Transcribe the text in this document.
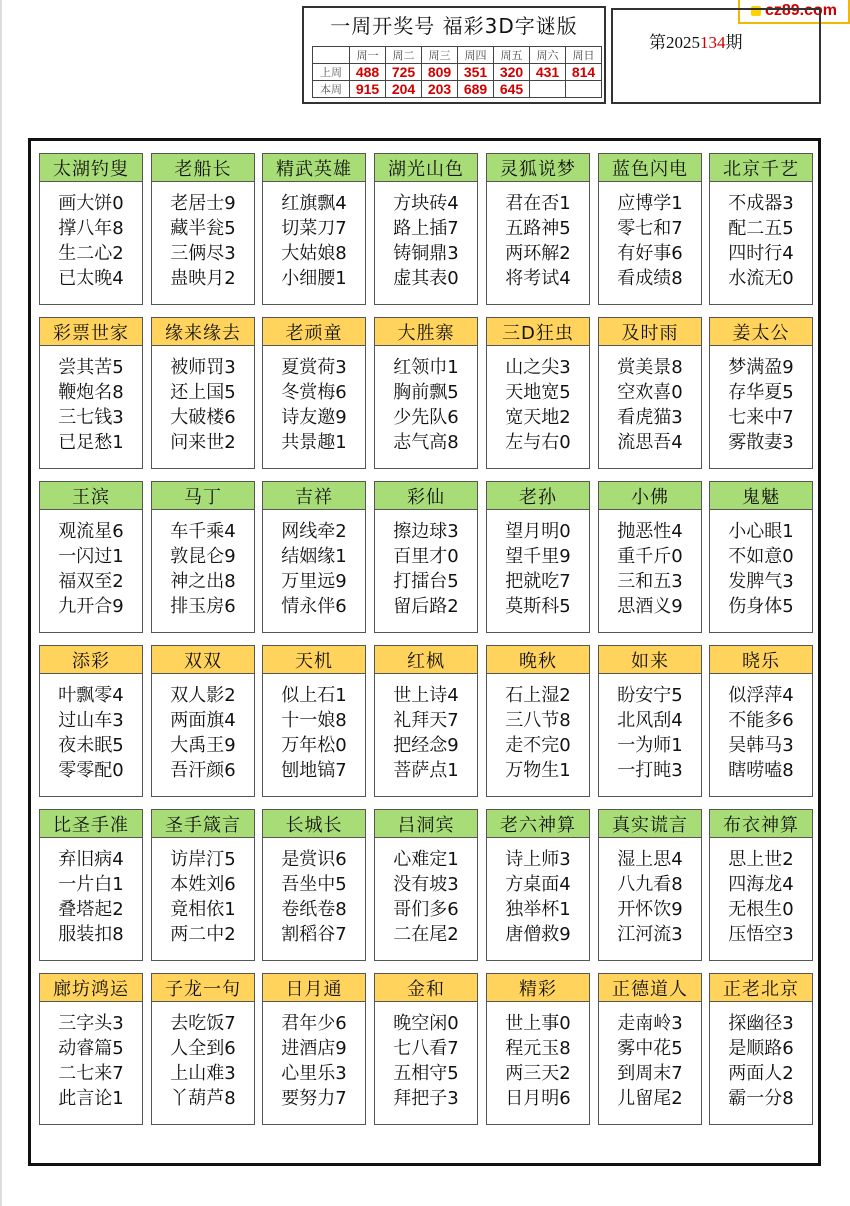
cz89.com
一周开奖号 福彩3D字谜版
	周一	周二	周三	周四	周五	周六	周日
上周	488	725	809	351	320	431	814
本周	915	204	203	689	645		
第2025134期
太湖钓叟
画大饼0
撑八年8
生二心2
已太晚4
老船长
老居士9
藏半瓮5
三俩尽3
蛊映月2
精武英雄
红旗飘4
切菜刀7
大姑娘8
小细腰1
湖光山色
方块砖4
路上插7
铸铜鼎3
虚其表0
灵狐说梦
君在否1
五路神5
两环解2
将考试4
蓝色闪电
应博学1
零七和7
有好事6
看成绩8
北京千艺
不成器3
配二五5
四时行4
水流无0
彩票世家
尝其苦5
鞭炮名8
三七钱3
已足愁1
缘来缘去
被师罚3
还上国5
大破楼6
问来世2
老顽童
夏赏荷3
冬赏梅6
诗友邀9
共景趣1
大胜寨
红领巾1
胸前飘5
少先队6
志气高8
三D狂虫
山之尖3
天地宽5
宽天地2
左与右0
及时雨
赏美景8
空欢喜0
看虎猫3
流思吾4
姜太公
梦满盈9
存华夏5
七来中7
雾散妻3
王滨
观流星6
一闪过1
福双至2
九开合9
马丁
车千乘4
敦昆仑9
神之出8
排玉房6
吉祥
网线牵2
结姻缘1
万里远9
情永伴6
彩仙
擦边球3
百里才0
打擂台5
留后路2
老孙
望月明0
望千里9
把就吃7
莫斯科5
小佛
抛恶性4
重千斤0
三和五3
思酒义9
鬼魅
小心眼1
不如意0
发脾气3
伤身体5
添彩
叶飘零4
过山车3
夜未眠5
零零配0
双双
双人影2
两面旗4
大禹王9
吾汗颜6
天机
似上石1
十一娘8
万年松0
刨地镐7
红枫
世上诗4
礼拜天7
把经念9
菩萨点1
晚秋
石上湿2
三八节8
走不完0
万物生1
如来
盼安宁5
北风刮4
一为师1
一打盹3
晓乐
似浮萍4
不能多6
吴韩马3
瞎唠嗑8
比圣手准
弃旧病4
一片白1
叠塔起2
服装扣8
圣手箴言
访岸汀5
本姓刘6
竟相依1
两二中2
长城长
是赏识6
吾坐中5
卷纸卷8
割稻谷7
吕洞宾
心难定1
没有坡3
哥们多6
二在尾2
老六神算
诗上师3
方桌面4
独举杯1
唐僧救9
真实谎言
湿上思4
八九看8
开怀饮9
江河流3
布衣神算
思上世2
四海龙4
无根生0
压悟空3
廊坊鸿运
三字头3
动睿篇5
二七来7
此言论1
子龙一句
去吃饭7
人全到6
上山难3
丫葫芦8
日月通
君年少6
进酒店9
心里乐3
要努力7
金和
晚空闲0
七八看7
五相守5
拜把子3
精彩
世上事0
程元玉8
两三天2
日月明6
正德道人
走南岭3
雾中花5
到周末7
儿留尾2
正老北京
探幽径3
是顺路6
两面人2
霸一分8
